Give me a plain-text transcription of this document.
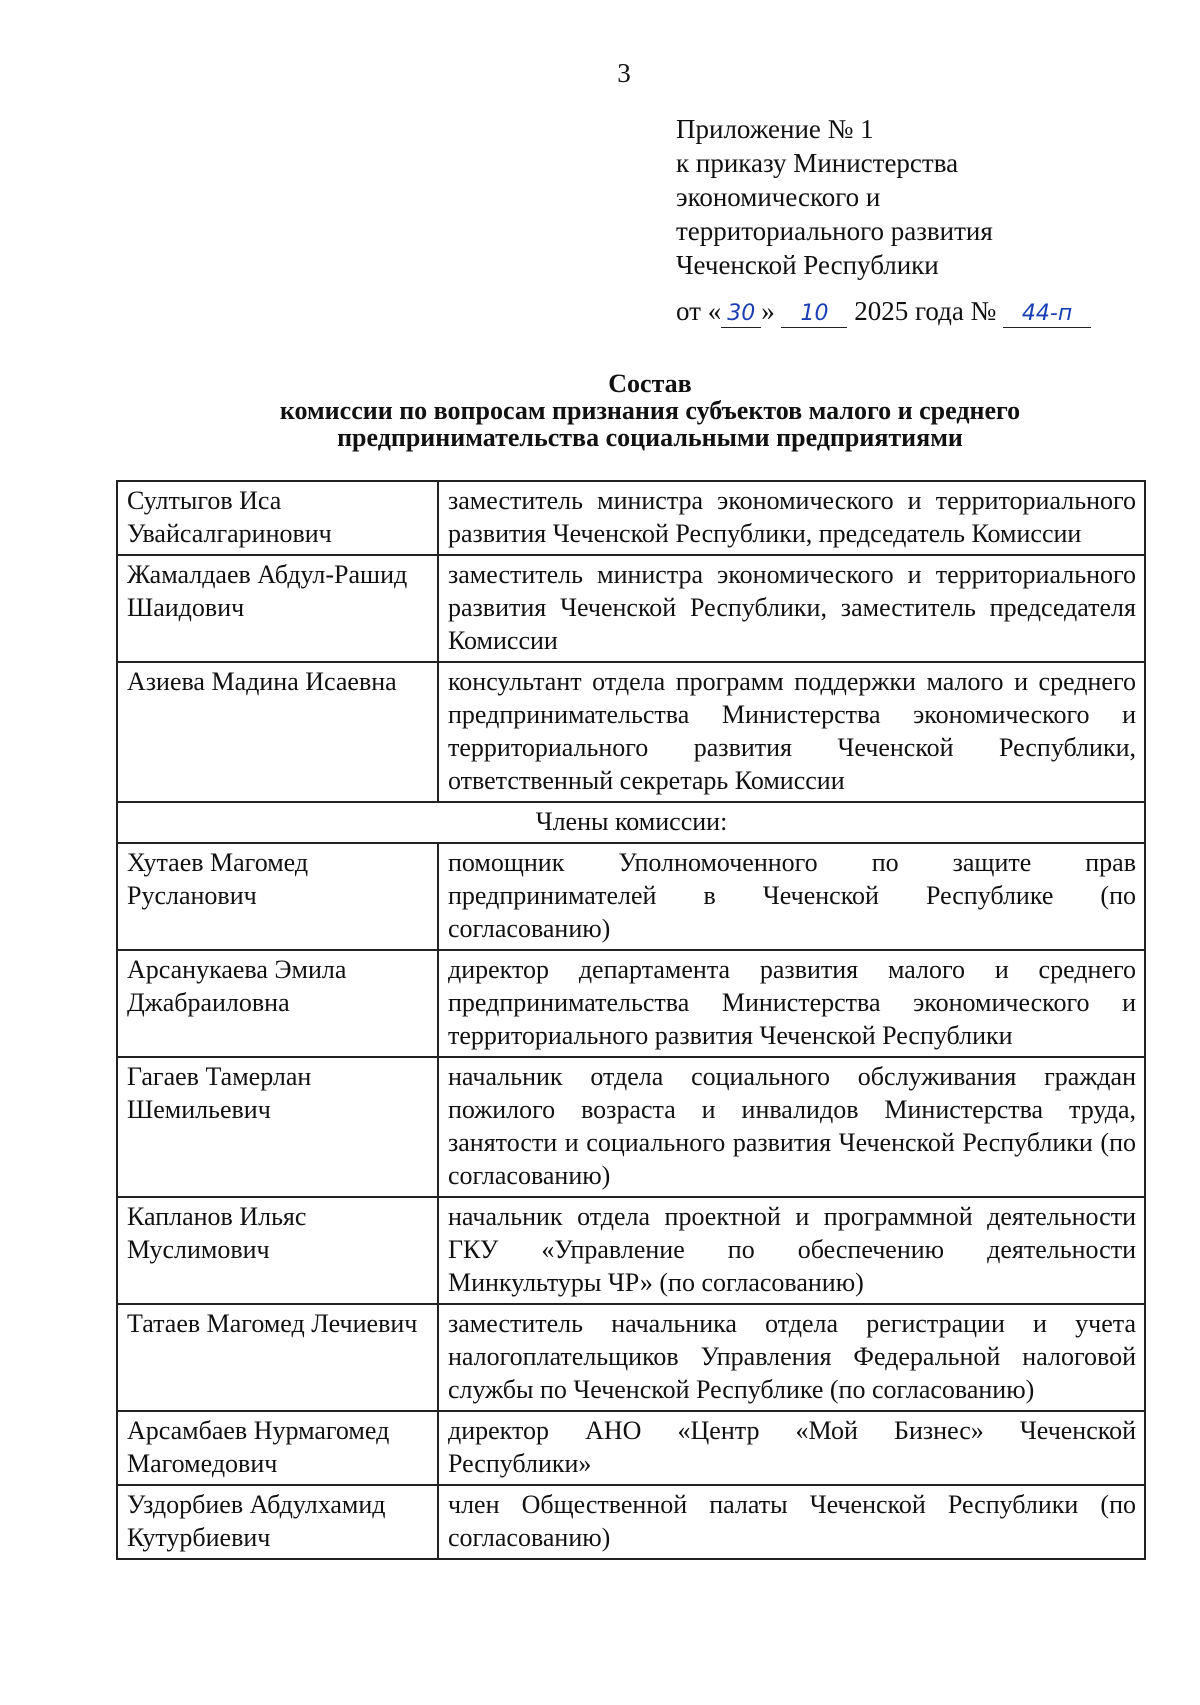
3
Приложение № 1
к приказу Министерства
экономического и
территориального развития
Чеченской Республики
от « 30 » 10 2025 года № 44-п
Состав
комиссии по вопросам признания субъектов малого и среднего
предпринимательства социальными предприятиями
Султыгов Иса Увайсалгаринович	заместитель министра экономического и территориального развития Чеченской Республики, председатель Комиссии
Жамалдаев Абдул-Рашид Шаидович	заместитель министра экономического и территориального развития Чеченской Республики, заместитель председателя Комиссии
Азиева Мадина Исаевна	консультант отдела программ поддержки малого и среднего предпринимательства Министерства экономического и территориального развития Чеченской Республики, ответственный секретарь Комиссии
Члены комиссии:	
Хутаев Магомед Русланович	помощник Уполномоченного по защите прав предпринимателей в Чеченской Республике (по согласованию)
Арсанукаева Эмила Джабраиловна	директор департамента развития малого и среднего предпринимательства Министерства экономического и территориального развития Чеченской Республики
Гагаев Тамерлан Шемильевич	начальник отдела социального обслуживания граждан пожилого возраста и инвалидов Министерства труда, занятости и социального развития Чеченской Республики (по согласованию)
Капланов Ильяс Муслимович	начальник отдела проектной и программной деятельности ГКУ «Управление по обеспечению деятельности Минкультуры ЧР» (по согласованию)
Татаев Магомед Лечиевич	заместитель начальника отдела регистрации и учета налогоплательщиков Управления Федеральной налоговой службы по Чеченской Республике (по согласованию)
Арсамбаев Нурмагомед Магомедович	директор АНО «Центр «Мой Бизнес» Чеченской Республики»
Уздорбиев Абдулхамид Кутурбиевич	член Общественной палаты Чеченской Республики (по согласованию)
